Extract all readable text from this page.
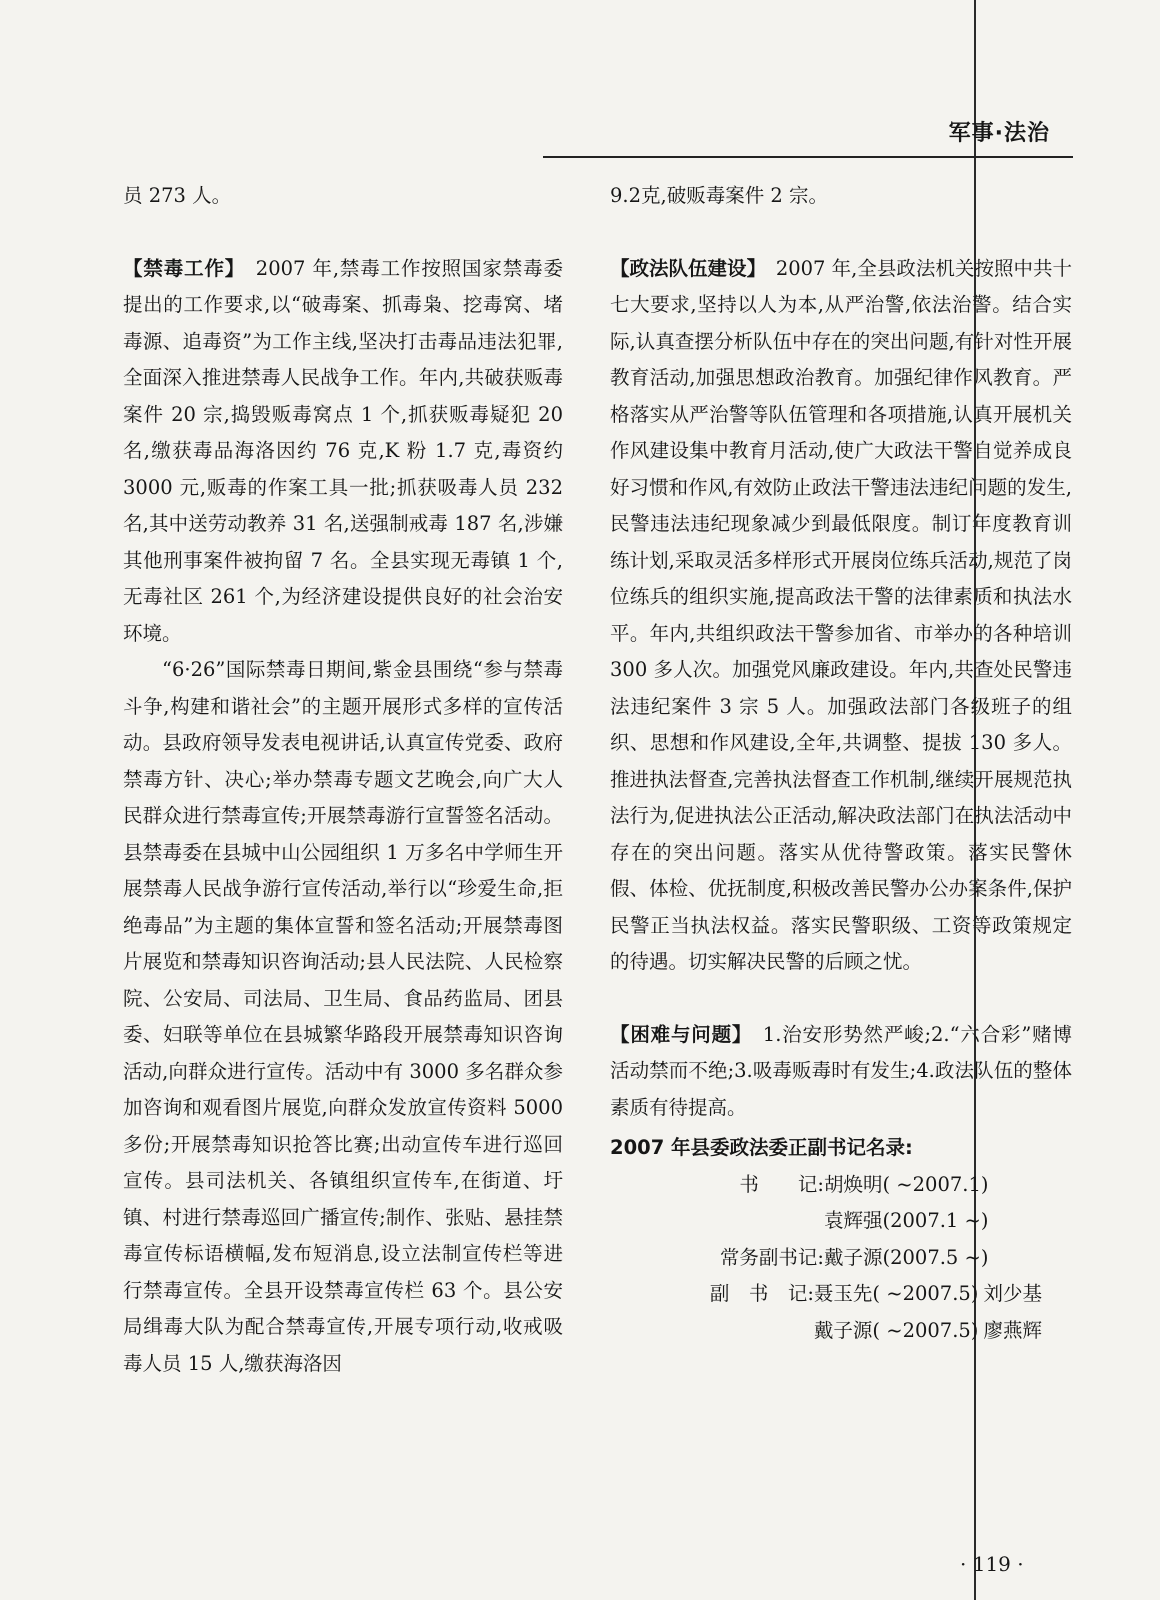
军事·法治

员 273 人。

【禁毒工作】　2007 年,禁毒工作按照国家禁毒委提出的工作要求,以“破毒案、抓毒枭、挖毒窝、堵毒源、追毒资”为工作主线,坚决打击毒品违法犯罪,全面深入推进禁毒人民战争工作。年内,共破获贩毒案件 20 宗,捣毁贩毒窝点 1 个,抓获贩毒疑犯 20 名,缴获毒品海洛因约 76 克,K 粉 1.7 克,毒资约 3000 元,贩毒的作案工具一批;抓获吸毒人员 232 名,其中送劳动教养 31 名,送强制戒毒 187 名,涉嫌其他刑事案件被拘留 7 名。全县实现无毒镇 1 个,无毒社区 261 个,为经济建设提供良好的社会治安环境。

“6·26”国际禁毒日期间,紫金县围绕“参与禁毒斗争,构建和谐社会”的主题开展形式多样的宣传活动。县政府领导发表电视讲话,认真宣传党委、政府禁毒方针、决心;举办禁毒专题文艺晚会,向广大人民群众进行禁毒宣传;开展禁毒游行宣誓签名活动。县禁毒委在县城中山公园组织 1 万多名中学师生开展禁毒人民战争游行宣传活动,举行以“珍爱生命,拒绝毒品”为主题的集体宣誓和签名活动;开展禁毒图片展览和禁毒知识咨询活动;县人民法院、人民检察院、公安局、司法局、卫生局、食品药监局、团县委、妇联等单位在县城繁华路段开展禁毒知识咨询活动,向群众进行宣传。活动中有 3000 多名群众参加咨询和观看图片展览,向群众发放宣传资料 5000 多份;开展禁毒知识抢答比赛;出动宣传车进行巡回宣传。县司法机关、各镇组织宣传车,在街道、圩镇、村进行禁毒巡回广播宣传;制作、张贴、悬挂禁毒宣传标语横幅,发布短消息,设立法制宣传栏等进行禁毒宣传。全县开设禁毒宣传栏 63 个。县公安局缉毒大队为配合禁毒宣传,开展专项行动,收戒吸毒人员 15 人,缴获海洛因

9.2克,破贩毒案件 2 宗。

【政法队伍建设】　2007 年,全县政法机关按照中共十七大要求,坚持以人为本,从严治警,依法治警。结合实际,认真查摆分析队伍中存在的突出问题,有针对性开展教育活动,加强思想政治教育。加强纪律作风教育。严格落实从严治警等队伍管理和各项措施,认真开展机关作风建设集中教育月活动,使广大政法干警自觉养成良好习惯和作风,有效防止政法干警违法违纪问题的发生,民警违法违纪现象减少到最低限度。制订年度教育训练计划,采取灵活多样形式开展岗位练兵活动,规范了岗位练兵的组织实施,提高政法干警的法律素质和执法水平。年内,共组织政法干警参加省、市举办的各种培训 300 多人次。加强党风廉政建设。年内,共查处民警违法违纪案件 3 宗 5 人。加强政法部门各级班子的组织、思想和作风建设,全年,共调整、提拔 130 多人。推进执法督查,完善执法督查工作机制,继续开展规范执法行为,促进执法公正活动,解决政法部门在执法活动中存在的突出问题。落实从优待警政策。落实民警休假、体检、优抚制度,积极改善民警办公办案条件,保护民警正当执法权益。落实民警职级、工资等政策规定的待遇。切实解决民警的后顾之忧。

【困难与问题】　1.治安形势然严峻;2.“六合彩”赌博活动禁而不绝;3.吸毒贩毒时有发生;4.政法队伍的整体素质有待提高。

2007 年县委政法委正副书记名录:

书　　记: 胡焕明( ~2007.1)
袁辉强(2007.1 ~)
常务副书记: 戴子源(2007.5 ~)
副　书　记: 聂玉先( ~2007.5) 刘少基
戴子源( ~2007.5) 廖燕辉
· 119 ·
